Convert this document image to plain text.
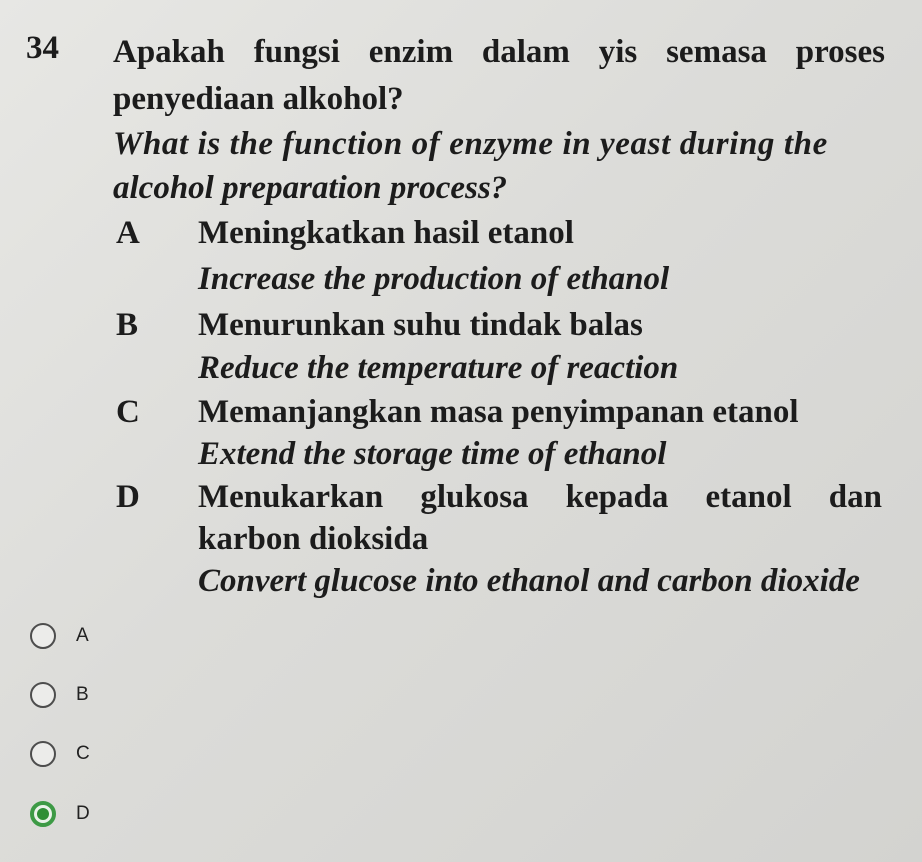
34 Apakah fungsi enzim dalam yis semasa proses
penyediaan alkohol?
What is the function of enzyme in yeast during the
alcohol preparation process?
A Meningkatkan hasil etanol
Increase the production of ethanol
B Menurunkan suhu tindak balas
Reduce the temperature of reaction
C Memanjangkan masa penyimpanan etanol
Extend the storage time of ethanol
D Menukarkan glukosa kepada etanol dan
karbon dioksida
Convert glucose into ethanol and carbon dioxide
A
B
C
D
